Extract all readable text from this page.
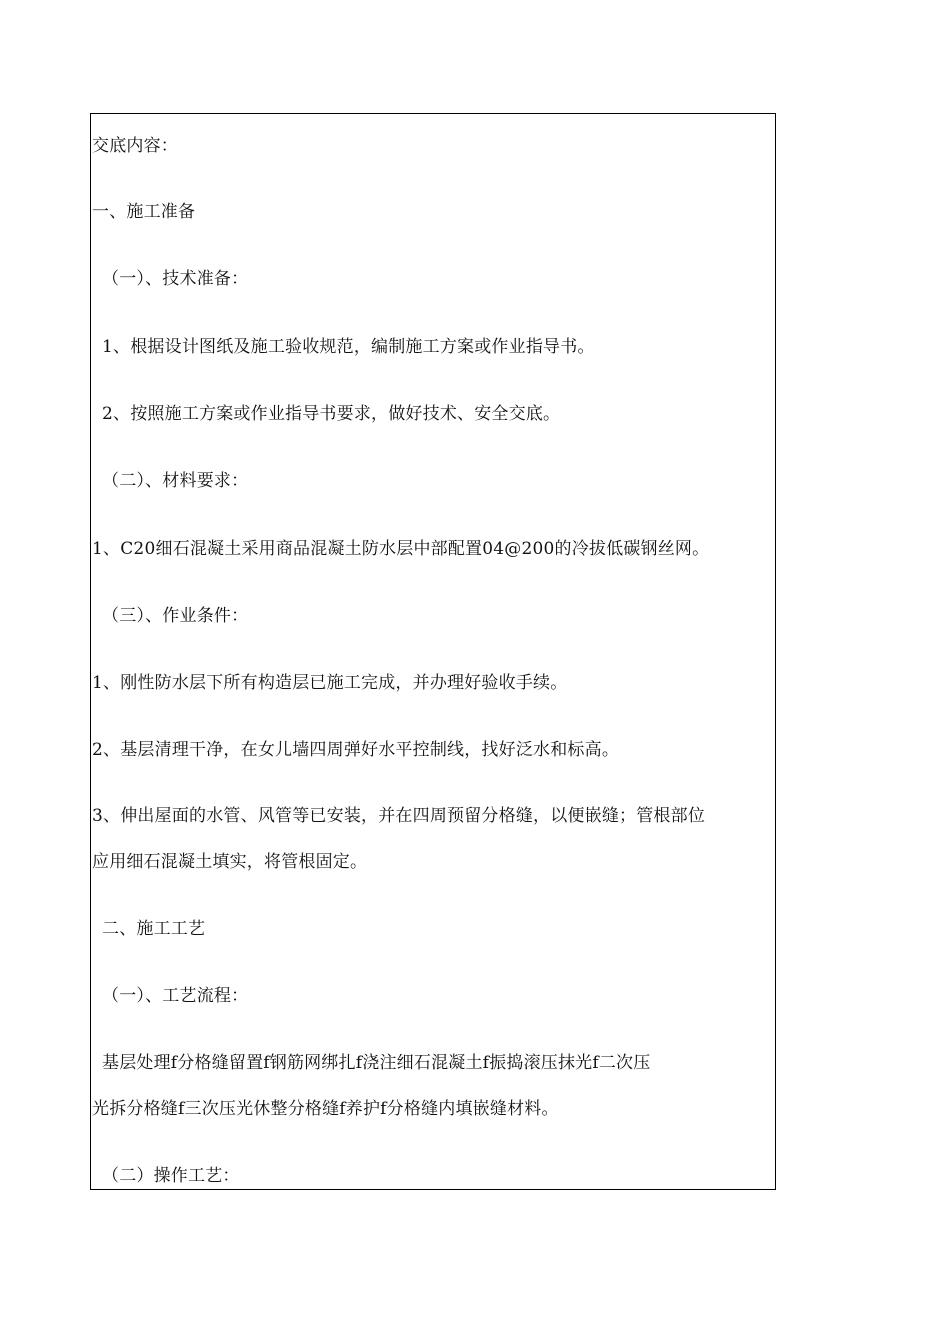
交底内容：
一、施工准备
（一）、技术准备：
1、根据设计图纸及施工验收规范，编制施工方案或作业指导书。
2、按照施工方案或作业指导书要求，做好技术、安全交底。
（二）、材料要求：
1、C20细石混凝土采用商品混凝土防水层中部配置04@200的冷拔低碳钢丝网。
（三）、作业条件：
1、刚性防水层下所有构造层已施工完成，并办理好验收手续。
2、基层清理干净，在女儿墙四周弹好水平控制线，找好泛水和标高。
3、伸出屋面的水管、风管等已安装，并在四周预留分格缝，以便嵌缝；管根部位
应用细石混凝土填实，将管根固定。
二、施工工艺
（一）、工艺流程：
基层处理f分格缝留置f钢筋网绑扎f浇注细石混凝土f振捣滚压抹光f二次压
光拆分格缝f三次压光休整分格缝f养护f分格缝内填嵌缝材料。
（二）操作工艺：
